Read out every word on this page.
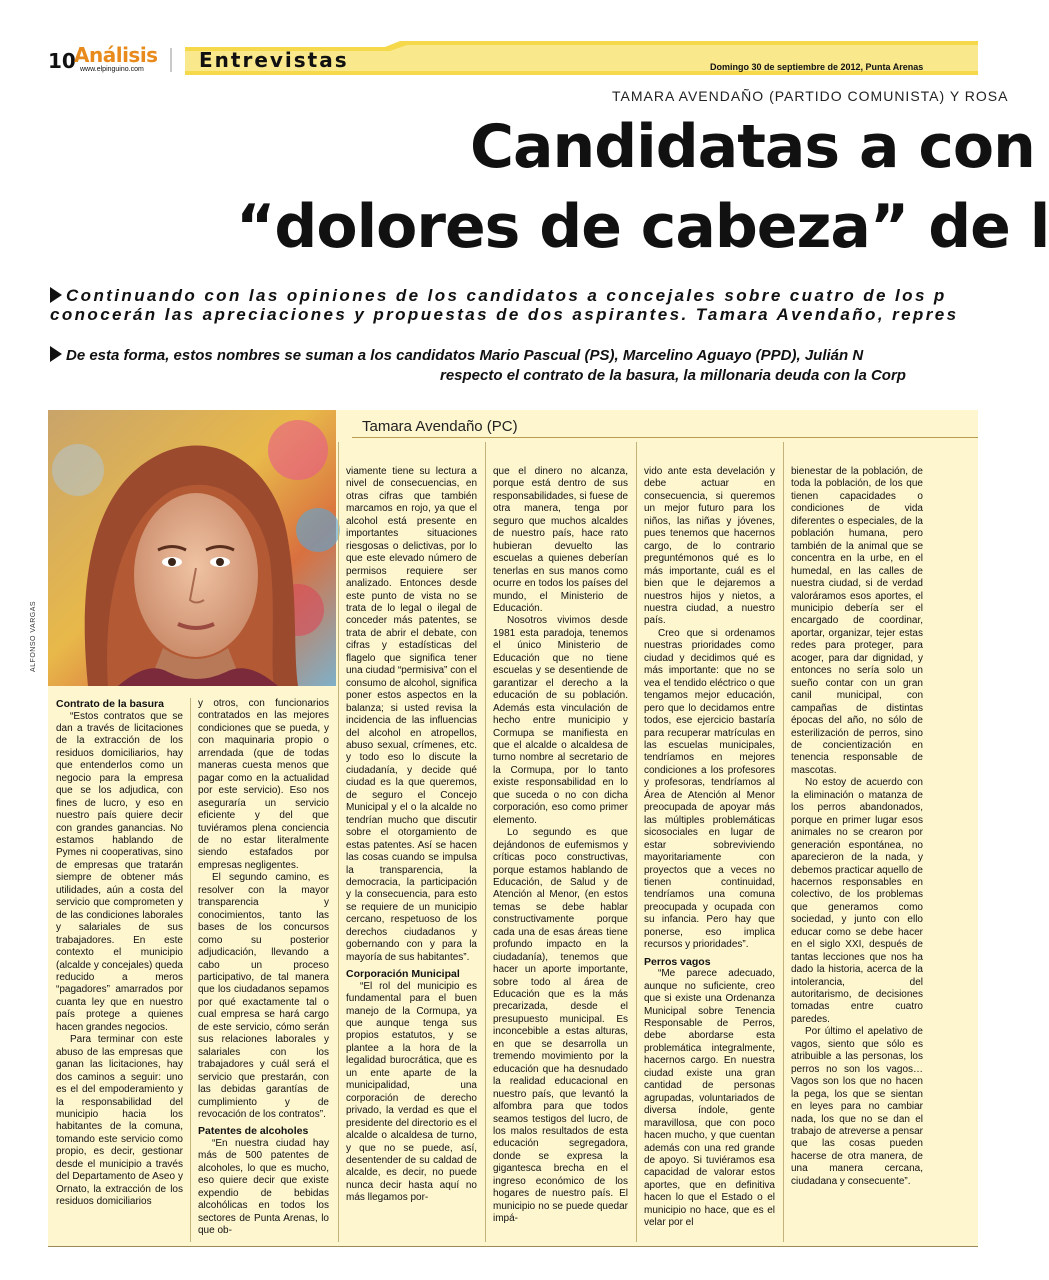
10
Análisis
www.elpinguino.com	Entrevistas	Domingo 30 de septiembre de 2012, Punta Arenas
TAMARA AVENDAÑO (PARTIDO COMUNISTA) Y ROSA
Candidatas a con
“dolores de cabeza” de l
Continuando con las opiniones de los candidatos a concejales sobre cuatro de los p
conocerán las apreciaciones y propuestas de dos aspirantes. Tamara Avendaño, repres
De esta forma, estos nombres se suman a los candidatos Mario Pascual (PS), Marcelino Aguayo (PPD), Julián N
respecto el contrato de la basura, la millonaria deuda con la Corp
ALFONSO VARGAS
Tamara Avendaño (PC)
Contrato de la basura

“Estos contratos que se dan a través de licitaciones de la extracción de los residuos domiciliarios, hay que entenderlos como un negocio para la empresa que se los adjudica, con fines de lucro, y eso en nuestro país quiere decir con grandes ganancias. No estamos hablando de Pymes ni cooperativas, sino de empresas que tratarán siempre de obtener más utilidades, aún a costa del servicio que comprometen y de las condiciones laborales y salariales de sus trabajadores. En este contexto el municipio (alcalde y concejales) queda reducido a meros “pagadores” amarrados por cuanta ley que en nuestro país protege a quienes hacen grandes negocios.

Para terminar con este abuso de las empresas que ganan las licitaciones, hay dos caminos a seguir: uno es el del empoderamiento y la responsabilidad del municipio hacia los habitantes de la comuna, tomando este servicio como propio, es decir, gestionar desde el municipio a través del Departamento de Aseo y Ornato, la extracción de los residuos domiciliarios

y otros, con funcionarios contratados en las mejores condiciones que se pueda, y con maquinaria propio o arrendada (que de todas maneras cuesta menos que pagar como en la actualidad por este servicio). Eso nos aseguraría un servicio eficiente y del que tuviéramos plena conciencia de no estar literalmente siendo estafados por empresas negligentes.

El segundo camino, es resolver con la mayor transparencia y conocimientos, tanto las bases de los concursos como su posterior adjudicación, llevando a cabo un proceso participativo, de tal manera que los ciudadanos sepamos por qué exactamente tal o cual empresa se hará cargo de este servicio, cómo serán sus relaciones laborales y salariales con los trabajadores y cuál será el servicio que prestarán, con las debidas garantías de cumplimiento y de revocación de los contratos”.

Patentes de alcoholes

“En nuestra ciudad hay más de 500 patentes de alcoholes, lo que es mucho, eso quiere decir que existe expendio de bebidas alcohólicas en todos los sectores de Punta Arenas, lo que ob-

viamente tiene su lectura a nivel de consecuencias, en otras cifras que también marcamos en rojo, ya que el alcohol está presente en importantes situaciones riesgosas o delictivas, por lo que este elevado número de permisos requiere ser analizado. Entonces desde este punto de vista no se trata de lo legal o ilegal de conceder más patentes, se trata de abrir el debate, con cifras y estadísticas del flagelo que significa tener una ciudad “permisiva” con el consumo de alcohol, significa poner estos aspectos en la balanza; si usted revisa la incidencia de las influencias del alcohol en atropellos, abuso sexual, crímenes, etc. y todo eso lo discute la ciudadanía, y decide qué ciudad es la que queremos, de seguro el Concejo Municipal y el o la alcalde no tendrían mucho que discutir sobre el otorgamiento de estas patentes. Así se hacen las cosas cuando se impulsa la transparencia, la democracia, la participación y la consecuencia, para esto se requiere de un municipio cercano, respetuoso de los derechos ciudadanos y gobernando con y para la mayoría de sus habitantes”.

Corporación Municipal

“El rol del municipio es fundamental para el buen manejo de la Cormupa, ya que aunque tenga sus propios estatutos, y se plantee a la hora de la legalidad burocrática, que es un ente aparte de la municipalidad, una corporación de derecho privado, la verdad es que el presidente del directorio es el alcalde o alcaldesa de turno, y que no se puede, así, desentender de su caldad de alcalde, es decir, no puede nunca decir hasta aquí no más llegamos por-

que el dinero no alcanza, porque está dentro de sus responsabilidades, si fuese de otra manera, tenga por seguro que muchos alcaldes de nuestro país, hace rato hubieran devuelto las escuelas a quienes deberían tenerlas en sus manos como ocurre en todos los países del mundo, el Ministerio de Educación.

Nosotros vivimos desde 1981 esta paradoja, tenemos el único Ministerio de Educación que no tiene escuelas y se desentiende de garantizar el derecho a la educación de su población. Además esta vinculación de hecho entre municipio y Cormupa se manifiesta en que el alcalde o alcaldesa de turno nombre al secretario de la Cormupa, por lo tanto existe responsabilidad en lo que suceda o no con dicha corporación, eso como primer elemento.

Lo segundo es que dejándonos de eufemismos y críticas poco constructivas, porque estamos hablando de Educación, de Salud y de Atención al Menor, (en estos temas se debe hablar constructivamente porque cada una de esas áreas tiene profundo impacto en la ciudadanía), tenemos que hacer un aporte importante, sobre todo al área de Educación que es la más precarizada, desde el presupuesto municipal. Es inconcebible a estas alturas, en que se desarrolla un tremendo movimiento por la educación que ha desnudado la realidad educacional en nuestro país, que levantó la alfombra para que todos seamos testigos del lucro, de los malos resultados de esta educación segregadora, donde se expresa la gigantesca brecha en el ingreso económico de los hogares de nuestro país. El municipio no se puede quedar impá-

vido ante esta develación y debe actuar en consecuencia, si queremos un mejor futuro para los niños, las niñas y jóvenes, pues tenemos que hacernos cargo, de lo contrario preguntémonos qué es lo más importante, cuál es el bien que le dejaremos a nuestros hijos y nietos, a nuestra ciudad, a nuestro país.

Creo que si ordenamos nuestras prioridades como ciudad y decidimos qué es más importante: que no se vea el tendido eléctrico o que tengamos mejor educación, pero que lo decidamos entre todos, ese ejercicio bastaría para recuperar matrículas en las escuelas municipales, tendríamos en mejores condiciones a los profesores y profesoras, tendríamos al Área de Atención al Menor preocupada de apoyar más las múltiples problemáticas sicosociales en lugar de estar sobreviviendo mayoritariamente con proyectos que a veces no tienen continuidad, tendríamos una comuna preocupada y ocupada con su infancia. Pero hay que ponerse, eso implica recursos y prioridades”.

Perros vagos

“Me parece adecuado, aunque no suficiente, creo que si existe una Ordenanza Municipal sobre Tenencia Responsable de Perros, debe abordarse esta problemática integralmente, hacernos cargo. En nuestra ciudad existe una gran cantidad de personas agrupadas, voluntariados de diversa índole, gente maravillosa, que con poco hacen mucho, y que cuentan además con una red grande de apoyo. Si tuviéramos esa capacidad de valorar estos aportes, que en definitiva hacen lo que el Estado o el municipio no hace, que es el velar por el

bienestar de la población, de toda la población, de los que tienen capacidades o condiciones de vida diferentes o especiales, de la población humana, pero también de la animal que se concentra en la urbe, en el humedal, en las calles de nuestra ciudad, si de verdad valoráramos esos aportes, el municipio debería ser el encargado de coordinar, aportar, organizar, tejer estas redes para proteger, para acoger, para dar dignidad, y entonces no sería solo un sueño contar con un gran canil municipal, con campañas de distintas épocas del año, no sólo de esterilización de perros, sino de concientización en tenencia responsable de mascotas.

No estoy de acuerdo con la eliminación o matanza de los perros abandonados, porque en primer lugar esos animales no se crearon por generación espontánea, no aparecieron de la nada, y debemos practicar aquello de hacernos responsables en colectivo, de los problemas que generamos como sociedad, y junto con ello educar como se debe hacer en el siglo XXI, después de tantas lecciones que nos ha dado la historia, acerca de la intolerancia, del autoritarismo, de decisiones tomadas entre cuatro paredes.

Por último el apelativo de vagos, siento que sólo es atribuible a las personas, los perros no son los vagos… Vagos son los que no hacen la pega, los que se sientan en leyes para no cambiar nada, los que no se dan el trabajo de atreverse a pensar que las cosas pueden hacerse de otra manera, de una manera cercana, ciudadana y consecuente”.
